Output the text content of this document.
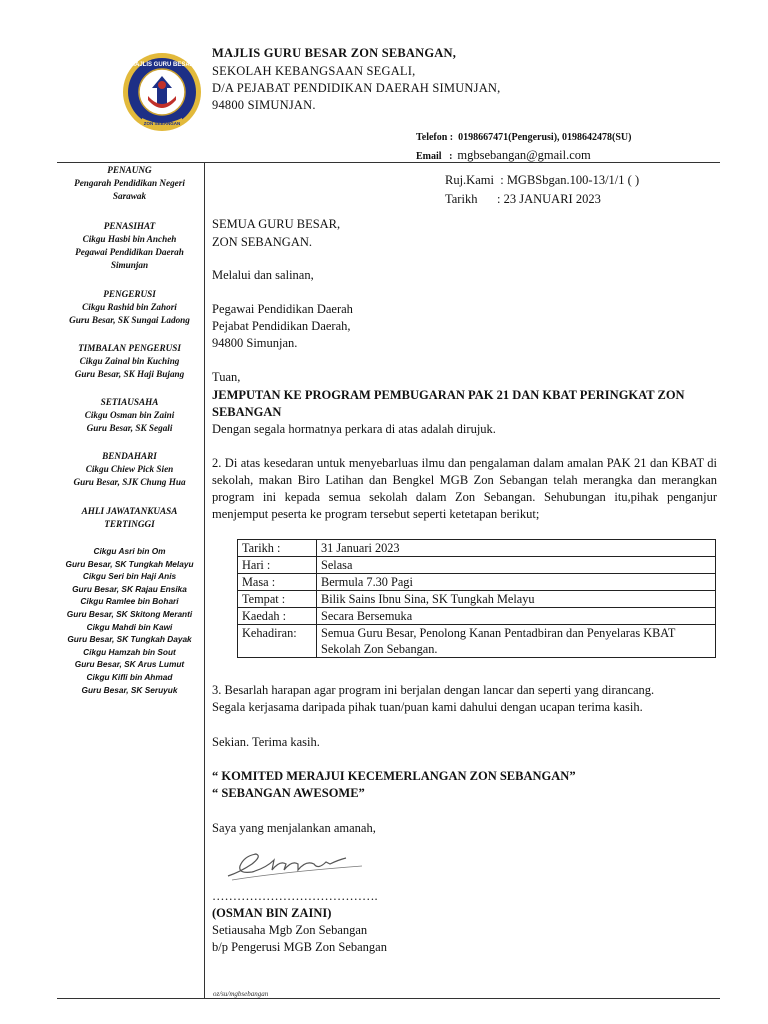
MAJLIS GURU BESAR
ZON SEBANGAN
MAJLIS GURU BESAR ZON SEBANGAN,
SEKOLAH KEBANGSAAN SEGALI,
D/A PEJABAT PENDIDIKAN DAERAH SIMUNJAN,
94800 SIMUNJAN.
Telefon : 0198667471(Pengerusi), 0198642478(SU)
Email : mgbsebangan@gmail.com
PENAUNG
Pengarah Pendidikan Negeri Sarawak
PENASIHAT
Cikgu Hasbi bin Ancheh
Pegawai Pendidikan Daerah Simunjan
PENGERUSI
Cikgu Rashid bin Zahori
Guru Besar, SK Sungai Ladong
TIMBALAN PENGERUSI
Cikgu Zainal bin Kuching
Guru Besar, SK Haji Bujang
SETIAUSAHA
Cikgu Osman bin Zaini
Guru Besar, SK Segali
BENDAHARI
Cikgu Chiew Pick Sien
Guru Besar, SJK Chung Hua
AHLI JAWATANKUASA TERTINGGI
Cikgu Asri bin Om
Guru Besar, SK Tungkah Melayu
Cikgu Seri bin Haji Anis
Guru Besar, SK Rajau Ensika
Cikgu Ramlee bin Bohari
Guru Besar, SK Skitong Meranti
Cikgu Mahdi bin Kawi
Guru Besar, SK Tungkah Dayak
Cikgu Hamzah bin Sout
Guru Besar, SK Arus Lumut
Cikgu Kifli bin Ahmad
Guru Besar, SK Seruyuk
Ruj.Kami : MGBSbgan.100-13/1/1 ( )
Tarikh : 23 JANUARI 2023
SEMUA GURU BESAR,
ZON SEBANGAN.
Melalui dan salinan,
Pegawai Pendidikan Daerah
Pejabat Pendidikan Daerah,
94800 Simunjan.
Tuan,
JEMPUTAN KE PROGRAM PEMBUGARAN PAK 21 DAN KBAT PERINGKAT ZON
SEBANGAN
Dengan segala hormatnya perkara di atas adalah dirujuk.
2. Di atas kesedaran untuk menyebarluas ilmu dan pengalaman dalam amalan PAK 21 dan KBAT di sekolah, makan Biro Latihan dan Bengkel MGB Zon Sebangan telah merangka dan merangkan program ini kepada semua sekolah dalam Zon Sebangan. Sehubungan itu,pihak penganjur menjemput peserta ke program tersebut seperti ketetapan berikut;
Tarikh :	31 Januari 2023
Hari :	Selasa
Masa :	Bermula 7.30 Pagi
Tempat :	Bilik Sains Ibnu Sina, SK Tungkah Melayu
Kaedah :	Secara Bersemuka
Kehadiran:	Semua Guru Besar, Penolong Kanan Pentadbiran dan Penyelaras KBAT Sekolah Zon Sebangan.
3. Besarlah harapan agar program ini berjalan dengan lancar dan seperti yang dirancang.
Segala kerjasama daripada pihak tuan/puan kami dahului dengan ucapan terima kasih.
Sekian. Terima kasih.
“ KOMITED MERAJUI KECEMERLANGAN ZON SEBANGAN”
“ SEBANGAN AWESOME”
Saya yang menjalankan amanah,
………………………………….
(OSMAN BIN ZAINI)
Setiausaha Mgb Zon Sebangan
b/p Pengerusi MGB Zon Sebangan
oz/su/mgbsebangan
